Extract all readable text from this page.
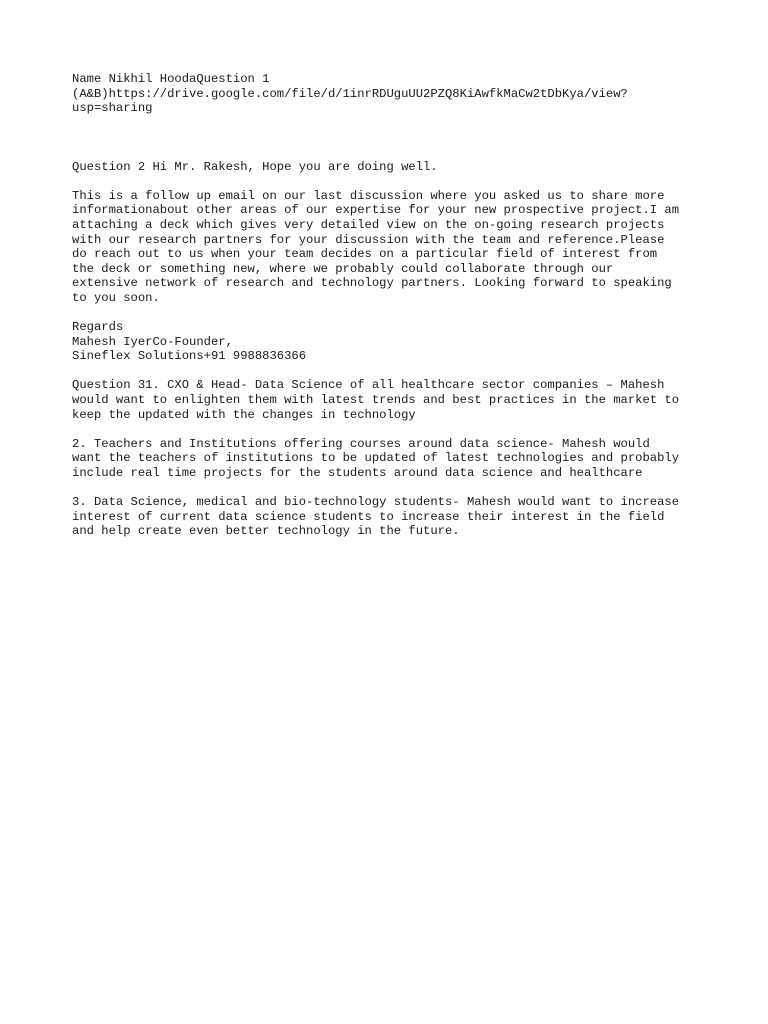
Name Nikhil HoodaQuestion 1
(A&B)https://drive.google.com/file/d/1inrRDUguUU2PZQ8KiAwfkMaCw2tDbKya/view?
usp=sharing
Question 2 Hi Mr. Rakesh, Hope you are doing well.
This is a follow up email on our last discussion where you asked us to share more
informationabout other areas of our expertise for your new prospective project.I am
attaching a deck which gives very detailed view on the on-going research projects
with our research partners for your discussion with the team and reference.Please
do reach out to us when your team decides on a particular field of interest from
the deck or something new, where we probably could collaborate through our
extensive network of research and technology partners. Looking forward to speaking
to you soon.
Regards
Mahesh IyerCo-Founder,
Sineflex Solutions+91 9988836366
Question 31. CXO & Head- Data Science of all healthcare sector companies – Mahesh
would want to enlighten them with latest trends and best practices in the market to
keep the updated with the changes in technology
2. Teachers and Institutions offering courses around data science- Mahesh would
want the teachers of institutions to be updated of latest technologies and probably
include real time projects for the students around data science and healthcare
3. Data Science, medical and bio-technology students- Mahesh would want to increase
interest of current data science students to increase their interest in the field
and help create even better technology in the future.
